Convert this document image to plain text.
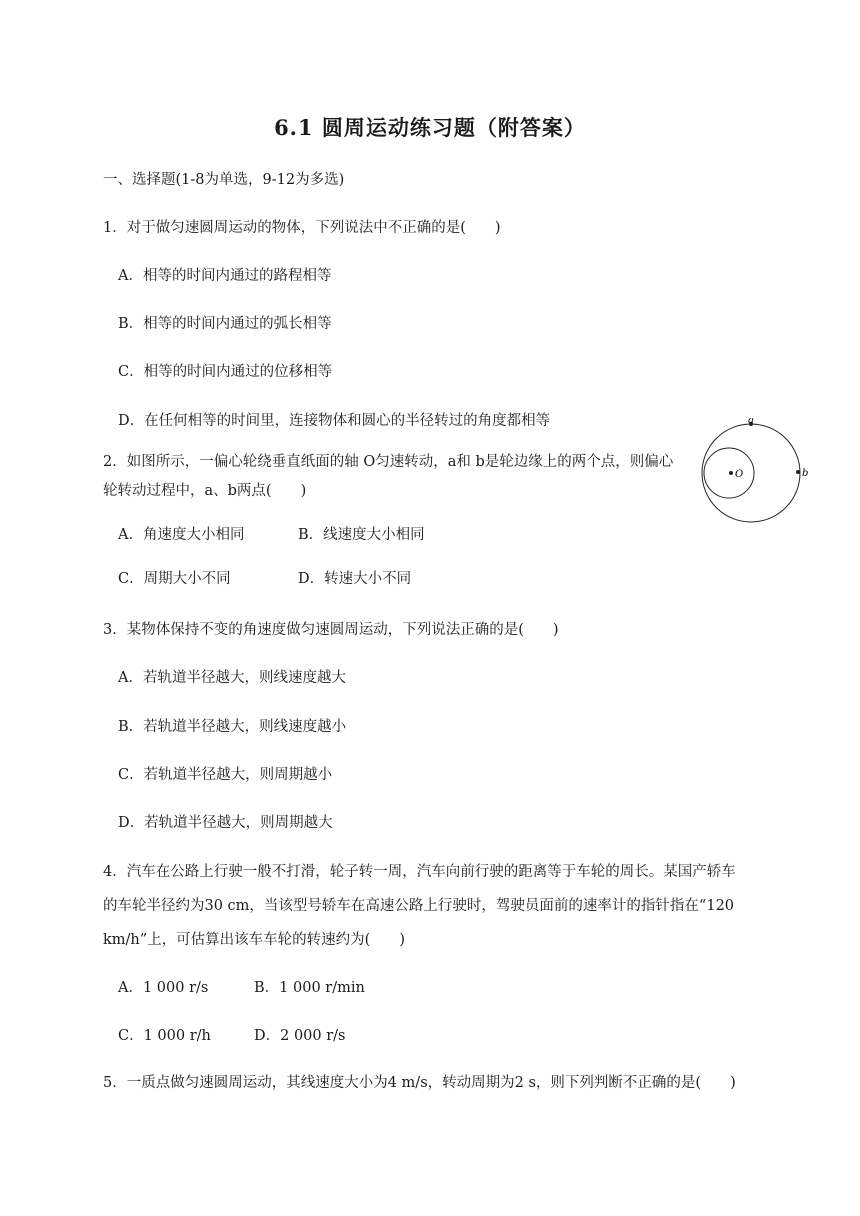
6.1 圆周运动练习题（附答案）
一、选择题(1-8为单选，9-12为多选)
1．对于做匀速圆周运动的物体，下列说法中不正确的是(　　)
A．相等的时间内通过的路程相等
B．相等的时间内通过的弧长相等
C．相等的时间内通过的位移相等
D．在任何相等的时间里，连接物体和圆心的半径转过的角度都相等
2．如图所示，一偏心轮绕垂直纸面的轴 O匀速转动，a和 b是轮边缘上的两个点，则偏心
轮转动过程中，a、b两点(　　)
A．角速度大小相同	B．线速度大小相同
C．周期大小不同	D．转速大小不同
a
b
O
3．某物体保持不变的角速度做匀速圆周运动，下列说法正确的是(　　)
A．若轨道半径越大，则线速度越大
B．若轨道半径越大，则线速度越小
C．若轨道半径越大，则周期越小
D．若轨道半径越大，则周期越大
4．汽车在公路上行驶一般不打滑，轮子转一周，汽车向前行驶的距离等于车轮的周长。某国产轿车
的车轮半径约为30 cm，当该型号轿车在高速公路上行驶时，驾驶员面前的速率计的指针指在“120
km/h”上，可估算出该车车轮的转速约为(　　)
A．1 000 r/s	B．1 000 r/min
C．1 000 r/h	D．2 000 r/s
5．一质点做匀速圆周运动，其线速度大小为4 m/s，转动周期为2 s，则下列判断不正确的是(　　)
